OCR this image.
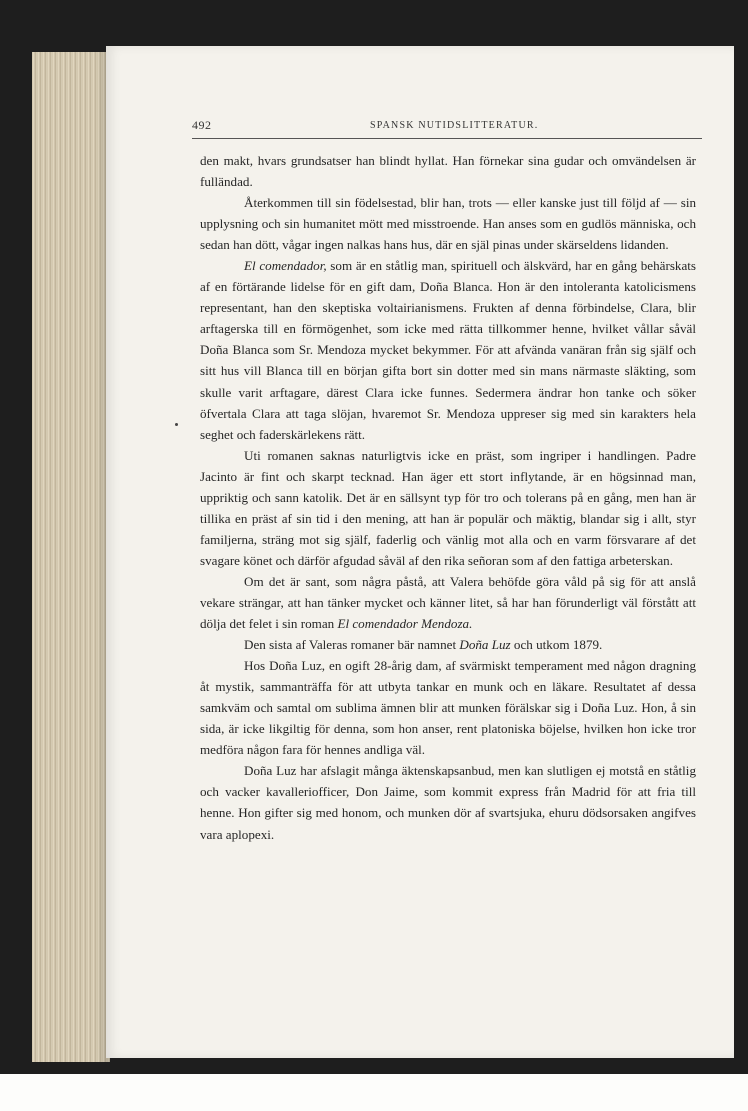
492	SPANSK NUTIDSLITTERATUR.

den makt, hvars grundsatser han blindt hyllat. Han förnekar sina gudar och omvändelsen är fulländad.

Återkommen till sin födelsestad, blir han, trots — eller kanske just till följd af — sin upplysning och sin humanitet mött med misstroende. Han anses som en gudlös människa, och sedan han dött, vågar ingen nalkas hans hus, där en själ pinas under skärseldens lidanden.

El comendador, som är en ståtlig man, spirituell och älskvärd, har en gång behärskats af en förtärande lidelse för en gift dam, Doña Blanca. Hon är den intoleranta katolicismens representant, han den skeptiska voltairianismens. Frukten af denna förbindelse, Clara, blir arftagerska till en förmögenhet, som icke med rätta tillkommer henne, hvilket vållar såväl Doña Blanca som Sr. Mendoza mycket bekymmer. För att afvända vanäran från sig själf och sitt hus vill Blanca till en början gifta bort sin dotter med sin mans närmaste släkting, som skulle varit arftagare, därest Clara icke funnes. Sedermera ändrar hon tanke och söker öfvertala Clara att taga slöjan, hvaremot Sr. Mendoza uppreser sig med sin karakters hela seghet och faderskärlekens rätt.

Uti romanen saknas naturligtvis icke en präst, som ingriper i handlingen. Padre Jacinto är fint och skarpt tecknad. Han äger ett stort inflytande, är en högsinnad man, uppriktig och sann katolik. Det är en sällsynt typ för tro och tolerans på en gång, men han är tillika en präst af sin tid i den mening, att han är populär och mäktig, blandar sig i allt, styr familjerna, sträng mot sig själf, faderlig och vänlig mot alla och en varm försvarare af det svagare könet och därför afgudad såväl af den rika señoran som af den fattiga arbeterskan.

Om det är sant, som några påstå, att Valera behöfde göra våld på sig för att anslå vekare strängar, att han tänker mycket och känner litet, så har han förunderligt väl förstått att dölja det felet i sin roman El comendador Mendoza.

Den sista af Valeras romaner bär namnet Doña Luz och utkom 1879.

Hos Doña Luz, en ogift 28-årig dam, af svärmiskt temperament med någon dragning åt mystik, sammanträffa för att utbyta tankar en munk och en läkare. Resultatet af dessa samkväm och samtal om sublima ämnen blir att munken förälskar sig i Doña Luz. Hon, å sin sida, är icke likgiltig för denna, som hon anser, rent platoniska böjelse, hvilken hon icke tror medföra någon fara för hennes andliga väl.

Doña Luz har afslagit många äktenskapsanbud, men kan slutligen ej motstå en ståtlig och vacker kavalleriofficer, Don Jaime, som kommit express från Madrid för att fria till henne. Hon gifter sig med honom, och munken dör af svartsjuka, ehuru dödsorsaken angifves vara aplopexi.
